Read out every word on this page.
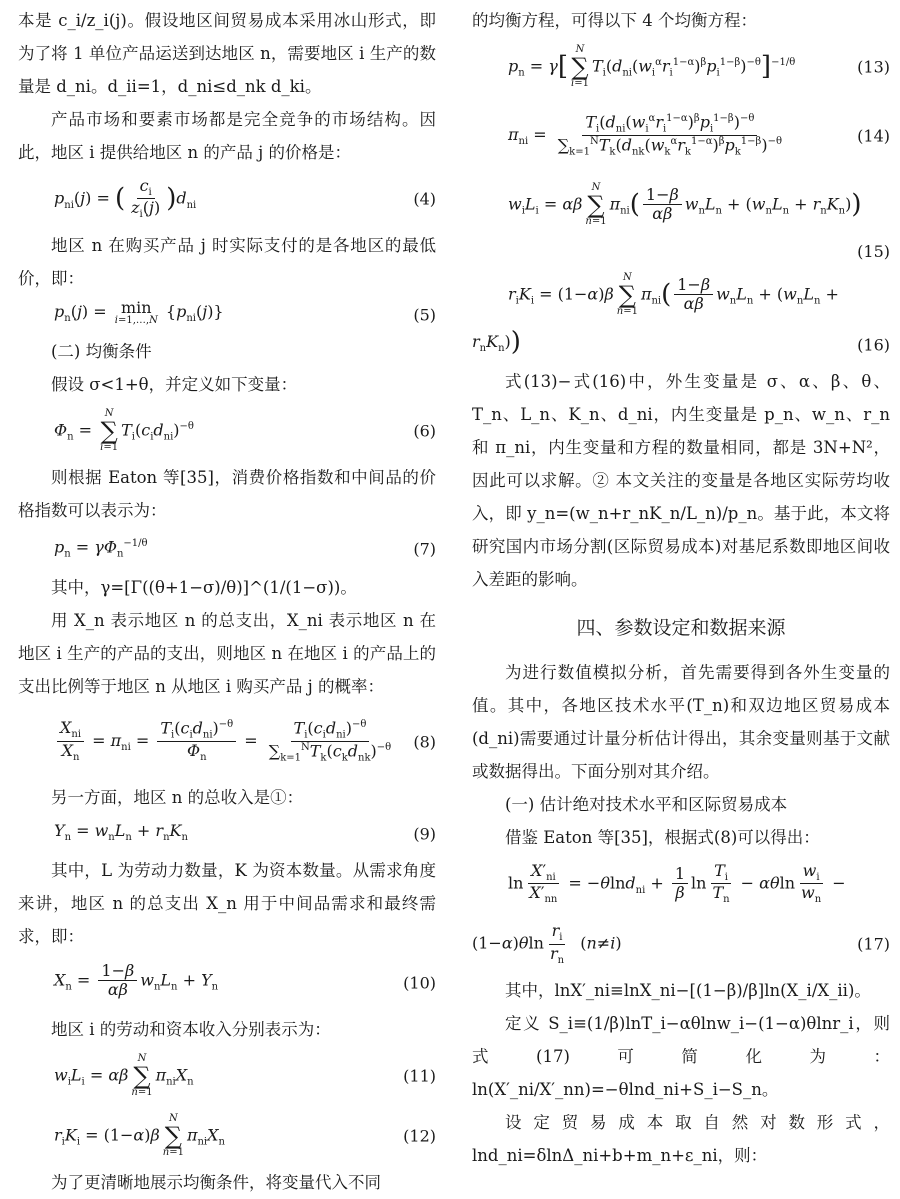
本是 c_i/z_i(j)。假设地区间贸易成本采用冰山形式，即为了将 1 单位产品运送到达地区 n，需要地区 i 生产的数量是 d_ni。d_ii=1，d_ni≤d_nk d_ki。

产品市场和要素市场都是完全竞争的市场结构。因此，地区 i 提供给地区 n 的产品 j 的价格是：

$p_{ni}(j)$ = ( $\frac{c_i}{z_i(j)} )d_{ni}$	(4)

地区 n 在购买产品 j 时实际支付的是各地区的最低价，即：

$p_n(j) = \min$
i=1,…,N $\{p_{ni}(j)\}$	(5)

(二) 均衡条件

假设 σ<1+θ，并定义如下变量：

$\Phi_n$ =
N
∑
i=1
$T_i(c_id_{ni})^{-\theta}$	(6)

则根据 Eaton 等[35]，消费价格指数和中间品的价格指数可以表示为：

$p_n = \gamma\Phi_n^{-1/\theta}$	(7)

其中，γ=[Γ((θ+1−σ)/θ)]^(1/(1−σ))。

用 X_n 表示地区 n 的总支出，X_ni 表示地区 n 在地区 i 生产的产品的支出，则地区 n 在地区 i 的产品上的支出比例等于地区 n 从地区 i 购买产品 j 的概率：

$\frac{X_{ni}}{X_n} = \pi_{ni} = \frac{T_i(c_id_{ni})^{-\theta}}{\Phi_n} = \frac{T_i(c_id_{ni})^{-\theta}}{\sum_{k=1}^NT_k(c_kd_{nk})^{-\theta}} (8)$

另一方面，地区 n 的总收入是①：

$Y_n = w_nL_n + r_nK_n$	(9)

其中，L 为劳动力数量，K 为资本数量。从需求角度来讲，地区 n 的总支出 X_n 用于中间品需求和最终需求，即：

$X_n = \frac{1-\beta}{\alpha\beta} w_nL_n + Y_n$	(10)

地区 i 的劳动和资本收入分别表示为：

$w_iL_i = \alpha\beta$
N
∑
n=1
$\pi_{ni}X_n$	(11)
$r_iK_i = (1-\alpha)\beta$
N
∑
n=1
$\pi_{ni}X_n$	(12)

为了更清晰地展示均衡条件，将变量代入不同

的均衡方程，可得以下 4 个均衡方程：

$p_n = \gamma$[
N
∑
i=1
$T_i(d_{ni}(w_i^\alpha r_i^{1-\alpha})^\beta p_i^{1-\beta})^{-\theta}]^{-1/\theta}$	(13)
$\pi_{ni} = \frac{T_i(d_{ni}(w_i^\alpha r_i^{1-\alpha})^\beta p_i^{1-\beta})^{-\theta}}{\sum_{k=1}^NT_k(d_{nk}(w_k^\alpha r_k^{1-\alpha})^\beta p_k^{1-\beta})^{-\theta}}$	(14)
$w_iL_i = \alpha\beta$
N
∑
n=1
$\pi_{ni}( \frac{1-\beta}{\alpha\beta} w_nL_n + (w_nL_n + r_nK_n))$
(15)
$r_iK_i = (1-\alpha)\beta$
N
∑
n=1
$\pi_{ni}( \frac{1-\beta}{\alpha\beta} w_nL_n + (w_nL_n$ +
$r_nK_n$))	(16)

式(13)−式(16)中，外生变量是 σ、α、β、θ、T_n、L_n、K_n、d_ni，内生变量是 p_n、w_n、r_n 和 π_ni，内生变量和方程的数量相同，都是 3N+N²，因此可以求解。② 本文关注的变量是各地区实际劳均收入，即 y_n=(w_n+r_nK_n/L_n)/p_n。基于此，本文将研究国内市场分割(区际贸易成本)对基尼系数即地区间收入差距的影响。

四、参数设定和数据来源

为进行数值模拟分析，首先需要得到各外生变量的值。其中，各地区技术水平(T_n)和双边地区贸易成本(d_ni)需要通过计量分析估计得出，其余变量则基于文献或数据得出。下面分别对其介绍。

(一) 估计绝对技术水平和区际贸易成本

借鉴 Eaton 等[35]，根据式(8)可以得出：

$\ln \frac{X'_{ni}}{X'_{nn}} = -\theta\ln d_{ni} + \frac{1}{\beta}$ $\ln \frac{T_i}{T_n} - \alpha\theta\ln \frac{w_i}{w_n}$ −
$(1-\alpha)\theta\ln \frac{r_i}{r_n} (n\ne i)$	(17)

其中，lnX′_ni≡lnX_ni−[(1−β)/β]ln(X_i/X_ii)。

定义 S_i≡(1/β)lnT_i−αθlnw_i−(1−α)θlnr_i，则式(17)可简化为：ln(X′_ni/X′_nn)=−θlnd_ni+S_i−S_n。

设定贸易成本取自然对数形式，lnd_ni=δlnΔ_ni+b+m_n+ε_ni，则：
